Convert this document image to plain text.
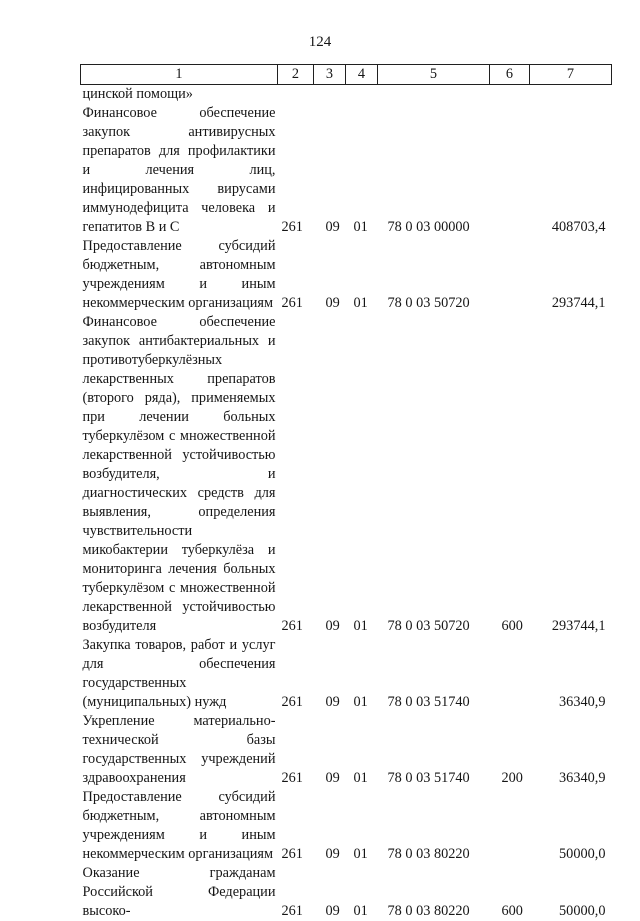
124
1	2	3	4	5	6	7
цинской помощи»						
Финансовое обеспечение закупок антивирусных препаратов для профилактики и лечения лиц, инфицированных вирусами иммунодефицита человека и гепатитов В и С	261	09	01	78 0 03 00000		408703,4
Предоставление субсидий бюджетным, автономным учреждениям и иным некоммерческим организациям	261	09	01	78 0 03 50720		293744,1
Финансовое обеспечение закупок антибактериальных и противотуберкулёзных лекарственных препаратов (второго ряда), применяемых при лечении больных туберкулёзом с множественной лекарственной устойчивостью возбудителя, и диагностических средств для выявления, определения чувствительности микобактерии туберкулёза и мониторинга лечения больных туберкулёзом с множественной лекарственной устойчивостью возбудителя	261	09	01	78 0 03 50720	600	293744,1
Закупка товаров, работ и услуг для обеспечения государственных (муниципальных) нужд	261	09	01	78 0 03 51740		36340,9
Укрепление материально-технической базы государственных учреждений здравоохранения	261	09	01	78 0 03 51740	200	36340,9
Предоставление субсидий бюджетным, автономным учреждениям и иным некоммерческим организациям	261	09	01	78 0 03 80220		50000,0
Оказание гражданам Российской Федерации высоко-	261	09	01	78 0 03 80220	600	50000,0
